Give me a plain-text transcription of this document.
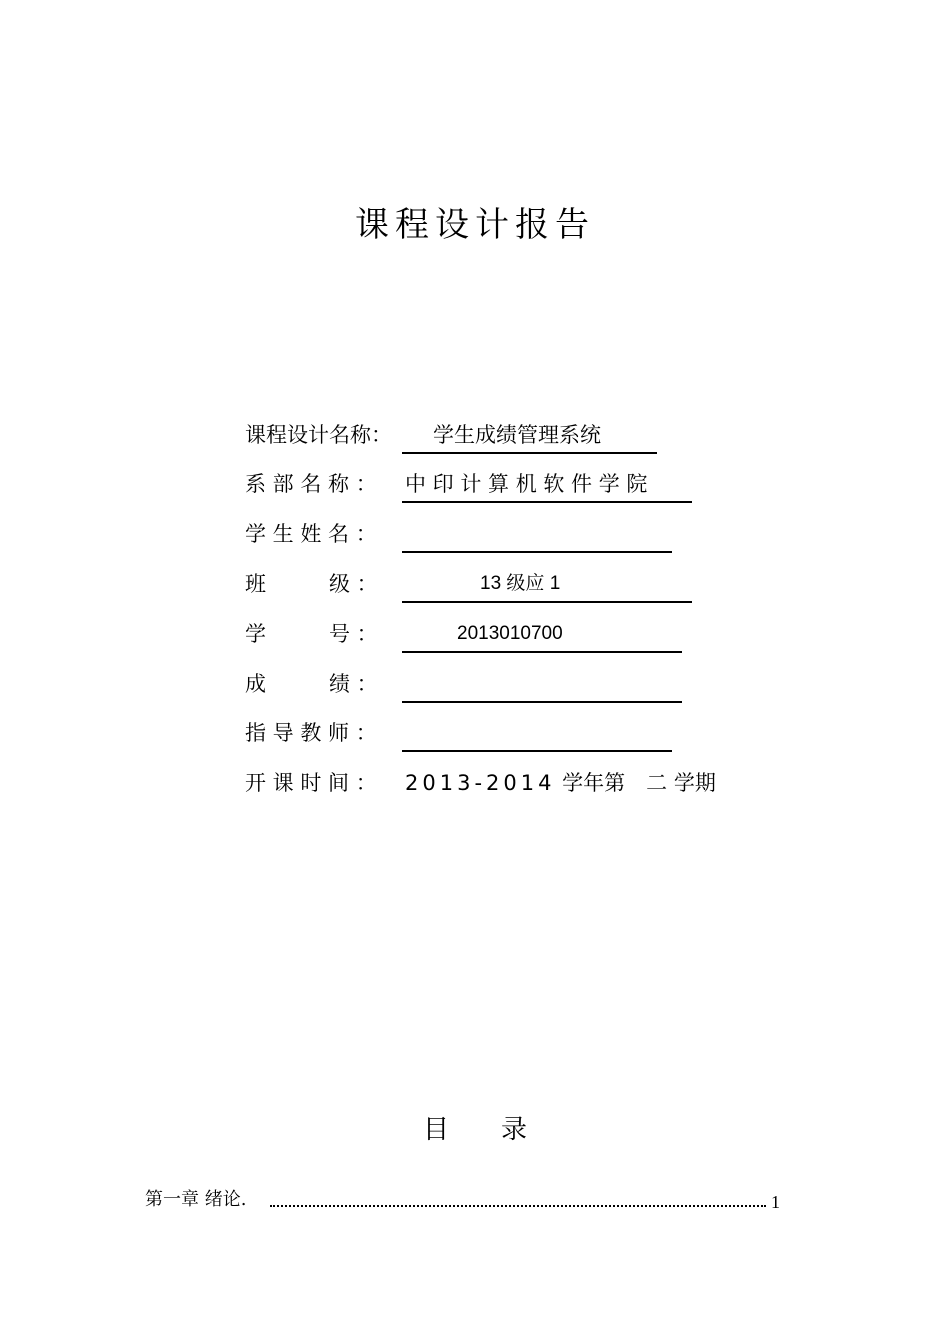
课程设计报告
课程设计名称： 学生成绩管理系统
系 部 名 称 ： 中 印 计 算 机 软 件 学 院
学 生 姓 名 ：
班　　　级 ：	13 级应 1
学　　　号 ：	2013010700
成　　　绩 ：
指 导 教 师 ：
开 课 时 间 ： 2013-2014 学年第　二 学期
目　　录
第一章 绪论.	1
